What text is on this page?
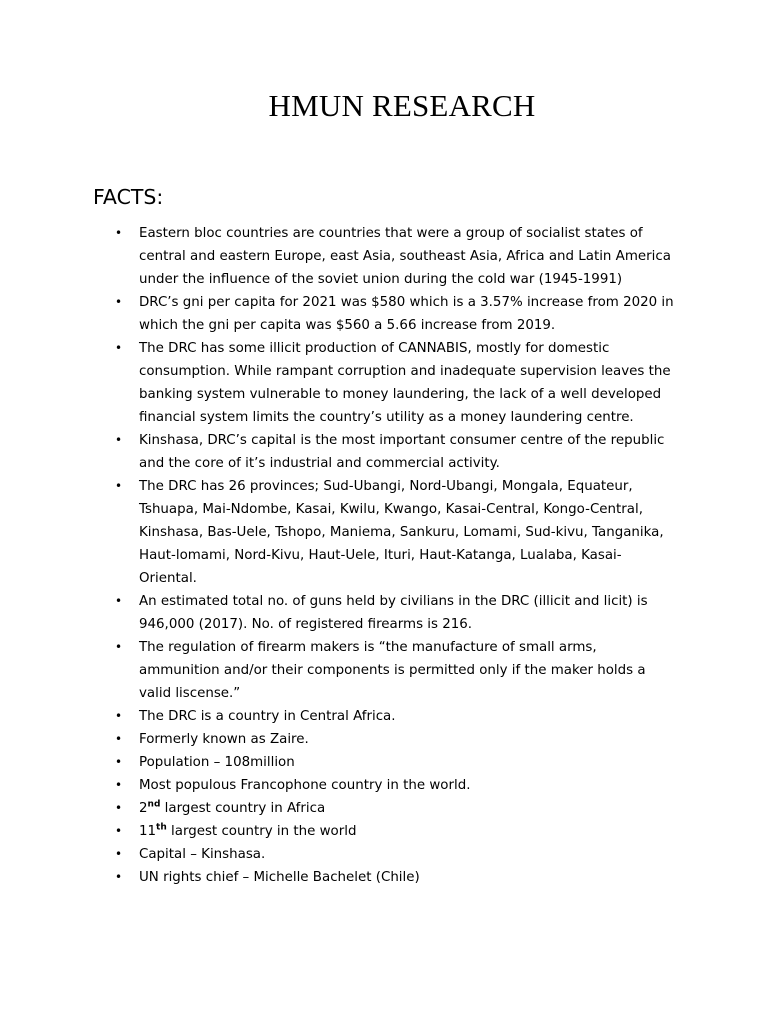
HMUN RESEARCH
FACTS:
• Eastern bloc countries are countries that were a group of socialist states of central and eastern Europe, east Asia, southeast Asia, Africa and Latin America under the influence of the soviet union during the cold war (1945-1991)
• DRC’s gni per capita for 2021 was $580 which is a 3.57% increase from 2020 in which the gni per capita was $560 a 5.66 increase from 2019.
• The DRC has some illicit production of CANNABIS, mostly for domestic consumption. While rampant corruption and inadequate supervision leaves the banking system vulnerable to money laundering, the lack of a well developed financial system limits the country’s utility as a money laundering centre.
• Kinshasa, DRC’s capital is the most important consumer centre of the republic and the core of it’s industrial and commercial activity.
• The DRC has 26 provinces; Sud-Ubangi, Nord-Ubangi, Mongala, Equateur, Tshuapa, Mai-Ndombe, Kasai, Kwilu, Kwango, Kasai-Central, Kongo-Central, Kinshasa, Bas-Uele, Tshopo, Maniema, Sankuru, Lomami, Sud-kivu, Tanganika, Haut-lomami, Nord-Kivu, Haut-Uele, Ituri, Haut-Katanga, Lualaba, Kasai-Oriental.
• An estimated total no. of guns held by civilians in the DRC (illicit and licit) is 946,000 (2017). No. of registered firearms is 216.
• The regulation of firearm makers is “the manufacture of small arms, ammunition and/or their components is permitted only if the maker holds a valid liscense.”
• The DRC is a country in Central Africa.
• Formerly known as Zaire.
• Population – 108million
• Most populous Francophone country in the world.
• 2nd largest country in Africa
• 11th largest country in the world
• Capital – Kinshasa.
• UN rights chief – Michelle Bachelet (Chile)
